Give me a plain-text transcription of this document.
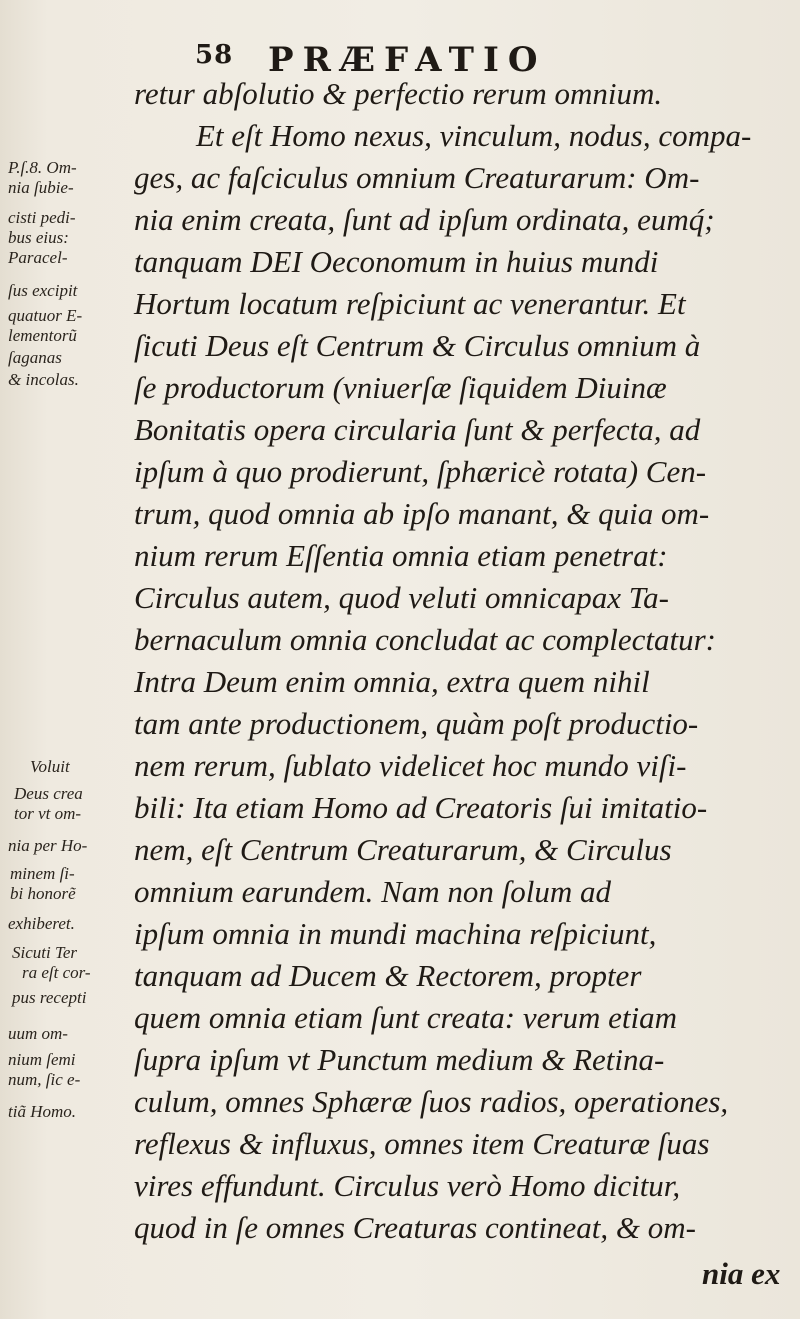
58 PRÆFATIO
P.ſ.8. Om-
nia ſubie-
cisti pedi-
bus eius:
Paracel-
ſus excipit
quatuor E-
lementorũ
ſaganas
& incolas.
Voluit
Deus crea
tor vt om-
nia per Ho-
minem ſi-
bi honorẽ
exhiberet.
Sicuti Ter
ra eſt cor-
pus recepti
uum om-
nium ſemi
num, ſic e-
tiã Homo.
retur abſolutio & perfectio rerum omnium.
Et eſt Homo nexus, vinculum, nodus, compa-
ges, ac faſciculus omnium Creaturarum: Om-
nia enim creata, ſunt ad ipſum ordinata, eumq́;
tanquam DEI Oeconomum in huius mundi
Hortum locatum reſpiciunt ac venerantur. Et
ſicuti Deus eſt Centrum & Circulus omnium à
ſe productorum (vniuerſæ ſiquidem Diuinæ
Bonitatis opera circularia ſunt & perfecta, ad
ipſum à quo prodierunt, ſphæricè rotata) Cen-
trum, quod omnia ab ipſo manant, & quia om-
nium rerum Eſſentia omnia etiam penetrat:
Circulus autem, quod veluti omnicapax Ta-
bernaculum omnia concludat ac complectatur:
Intra Deum enim omnia, extra quem nihil
tam ante productionem, quàm poſt productio-
nem rerum, ſublato videlicet hoc mundo viſi-
bili: Ita etiam Homo ad Creatoris ſui imitatio-
nem, eſt Centrum Creaturarum, & Circulus
omnium earundem. Nam non ſolum ad
ipſum omnia in mundi machina reſpiciunt,
tanquam ad Ducem & Rectorem, propter
quem omnia etiam ſunt creata: verum etiam
ſupra ipſum vt Punctum medium & Retina-
culum, omnes Sphæræ ſuos radios, operationes,
reflexus & influxus, omnes item Creaturæ ſuas
vires effundunt. Circulus verò Homo dicitur,
quod in ſe omnes Creaturas contineat, & om-
nia ex
